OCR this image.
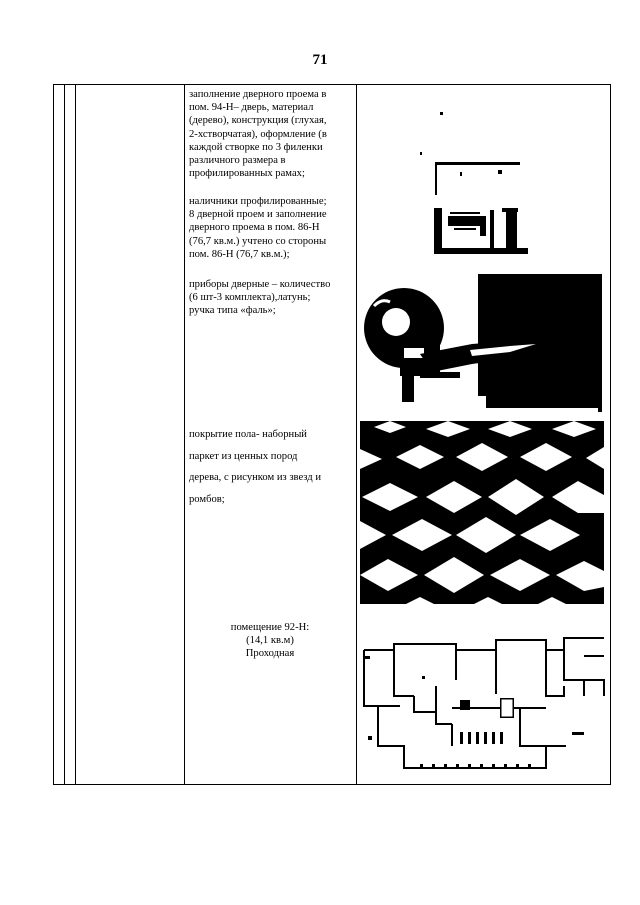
71
заполнение дверного проема в
пом. 94-Н– дверь, материал
(дерево), конструкция (глухая,
2-хстворчатая), оформление (в
каждой створке по 3 филенки
различного размера в
профилированных рамах;
наличники профилированные;
8 дверной проем и заполнение
дверного проема в пом. 86-Н
(76,7 кв.м.) учтено со стороны
пом. 86-Н (76,7 кв.м.);
приборы дверные – количество
(6 шт-3 комплекта),латунь;
ручка типа «фаль»;
покрытие пола- наборный
паркет из ценных пород
дерева, с рисунком из звезд и
ромбов;
помещение 92-Н:
(14,1 кв.м)
Проходная
